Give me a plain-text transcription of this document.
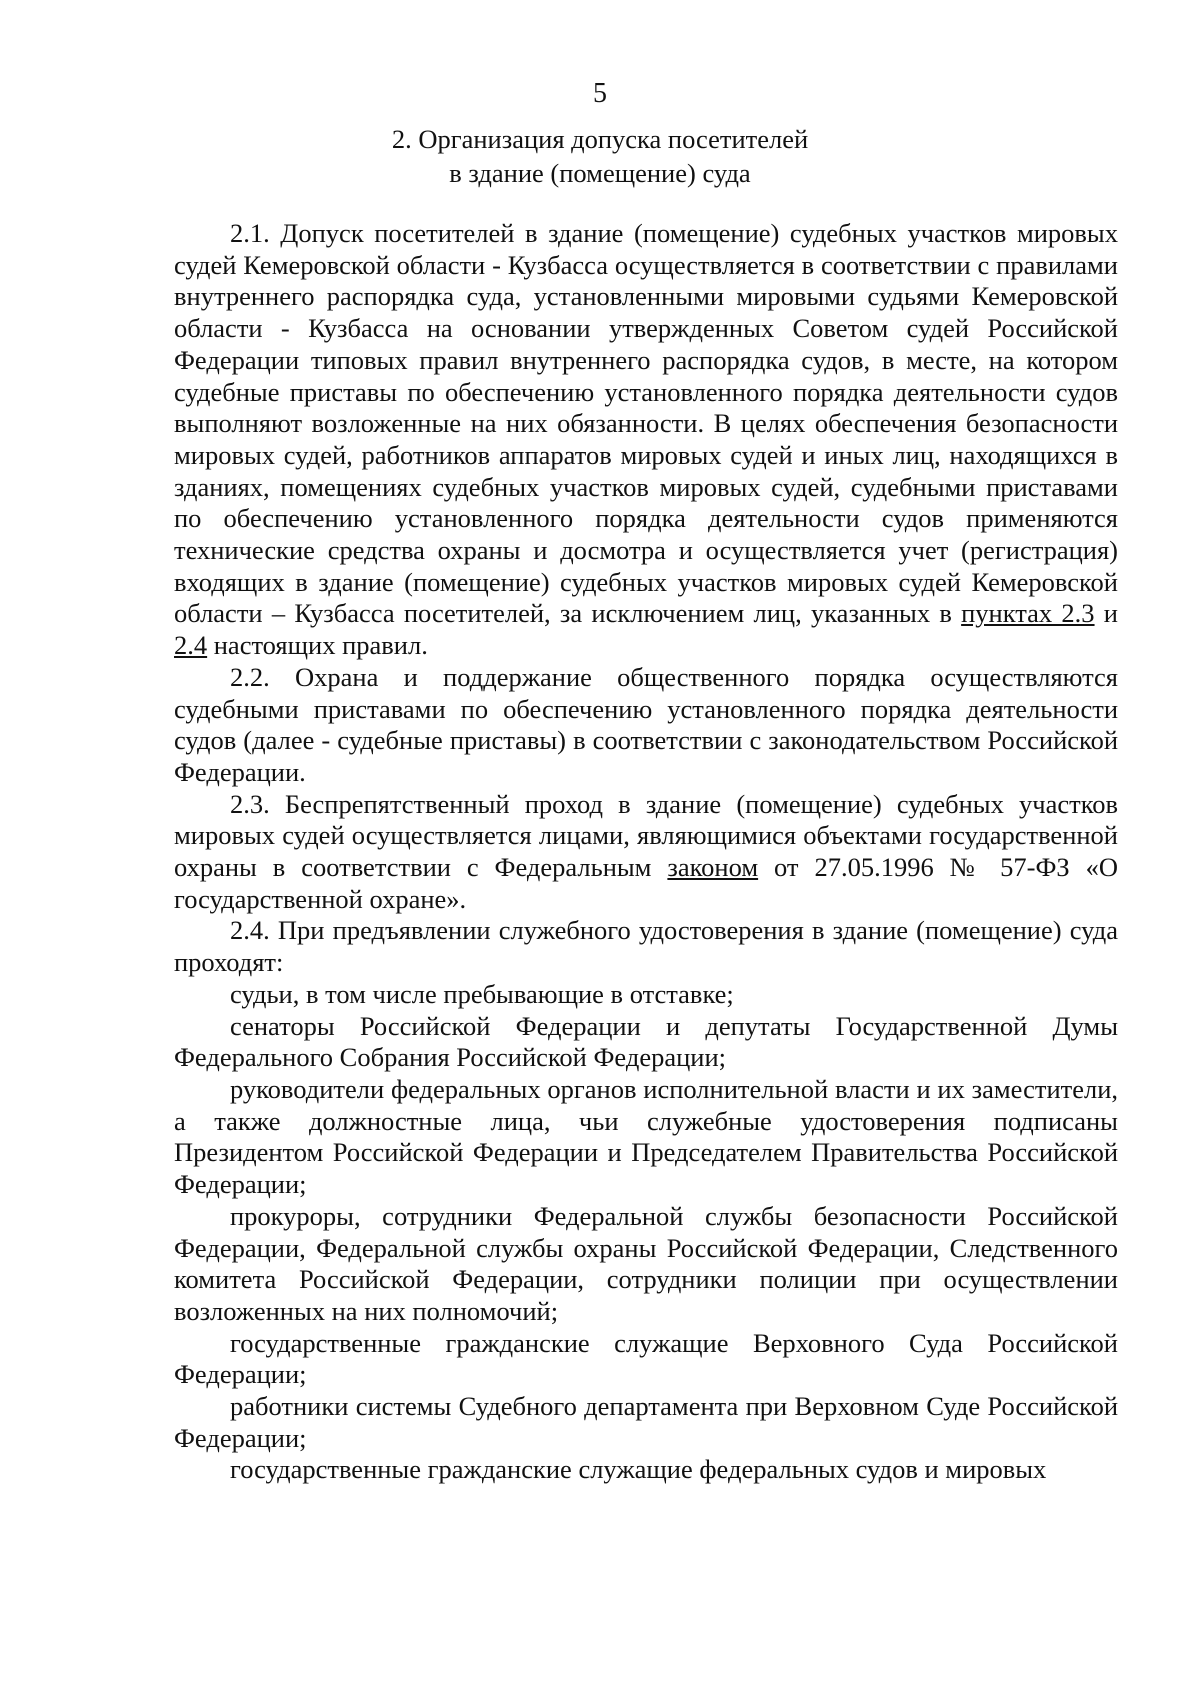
5
2. Организация допуска посетителей
в здание (помещение) суда

2.1. Допуск посетителей в здание (помещение) судебных участков мировых судей Кемеровской области - Кузбасса осуществляется в соответствии с правилами внутреннего распорядка суда, установленными мировыми судьями Кемеровской области - Кузбасса на основании утвержденных Советом судей Российской Федерации типовых правил внутреннего распорядка судов, в месте, на котором судебные приставы по обеспечению установленного порядка деятельности судов выполняют возложенные на них обязанности. В целях обеспечения безопасности мировых судей, работников аппаратов мировых судей и иных лиц, находящихся в зданиях, помещениях судебных участков мировых судей, судебными приставами по обеспечению установленного порядка деятельности судов применяются технические средства охраны и досмотра и осуществляется учет (регистрация) входящих в здание (помещение) судебных участков мировых судей Кемеровской области – Кузбасса посетителей, за исключением лиц, указанных в пунктах 2.3 и 2.4 настоящих правил.

2.2. Охрана и поддержание общественного порядка осуществляются судебными приставами по обеспечению установленного порядка деятельности судов (далее - судебные приставы) в соответствии с законодательством Российской Федерации.

2.3. Беспрепятственный проход в здание (помещение) судебных участков мировых судей осуществляется лицами, являющимися объектами государственной охраны в соответствии с Федеральным законом от 27.05.1996 № 57-ФЗ «О государственной охране».

2.4. При предъявлении служебного удостоверения в здание (помещение) суда проходят:

судьи, в том числе пребывающие в отставке;

сенаторы Российской Федерации и депутаты Государственной Думы Федерального Собрания Российской Федерации;

руководители федеральных органов исполнительной власти и их заместители, а также должностные лица, чьи служебные удостоверения подписаны Президентом Российской Федерации и Председателем Правительства Российской Федерации;

прокуроры, сотрудники Федеральной службы безопасности Российской Федерации, Федеральной службы охраны Российской Федерации, Следственного комитета Российской Федерации, сотрудники полиции при осуществлении возложенных на них полномочий;

государственные гражданские служащие Верховного Суда Российской Федерации;

работники системы Судебного департамента при Верховном Суде Российской Федерации;

государственные гражданские служащие федеральных судов и мировых
